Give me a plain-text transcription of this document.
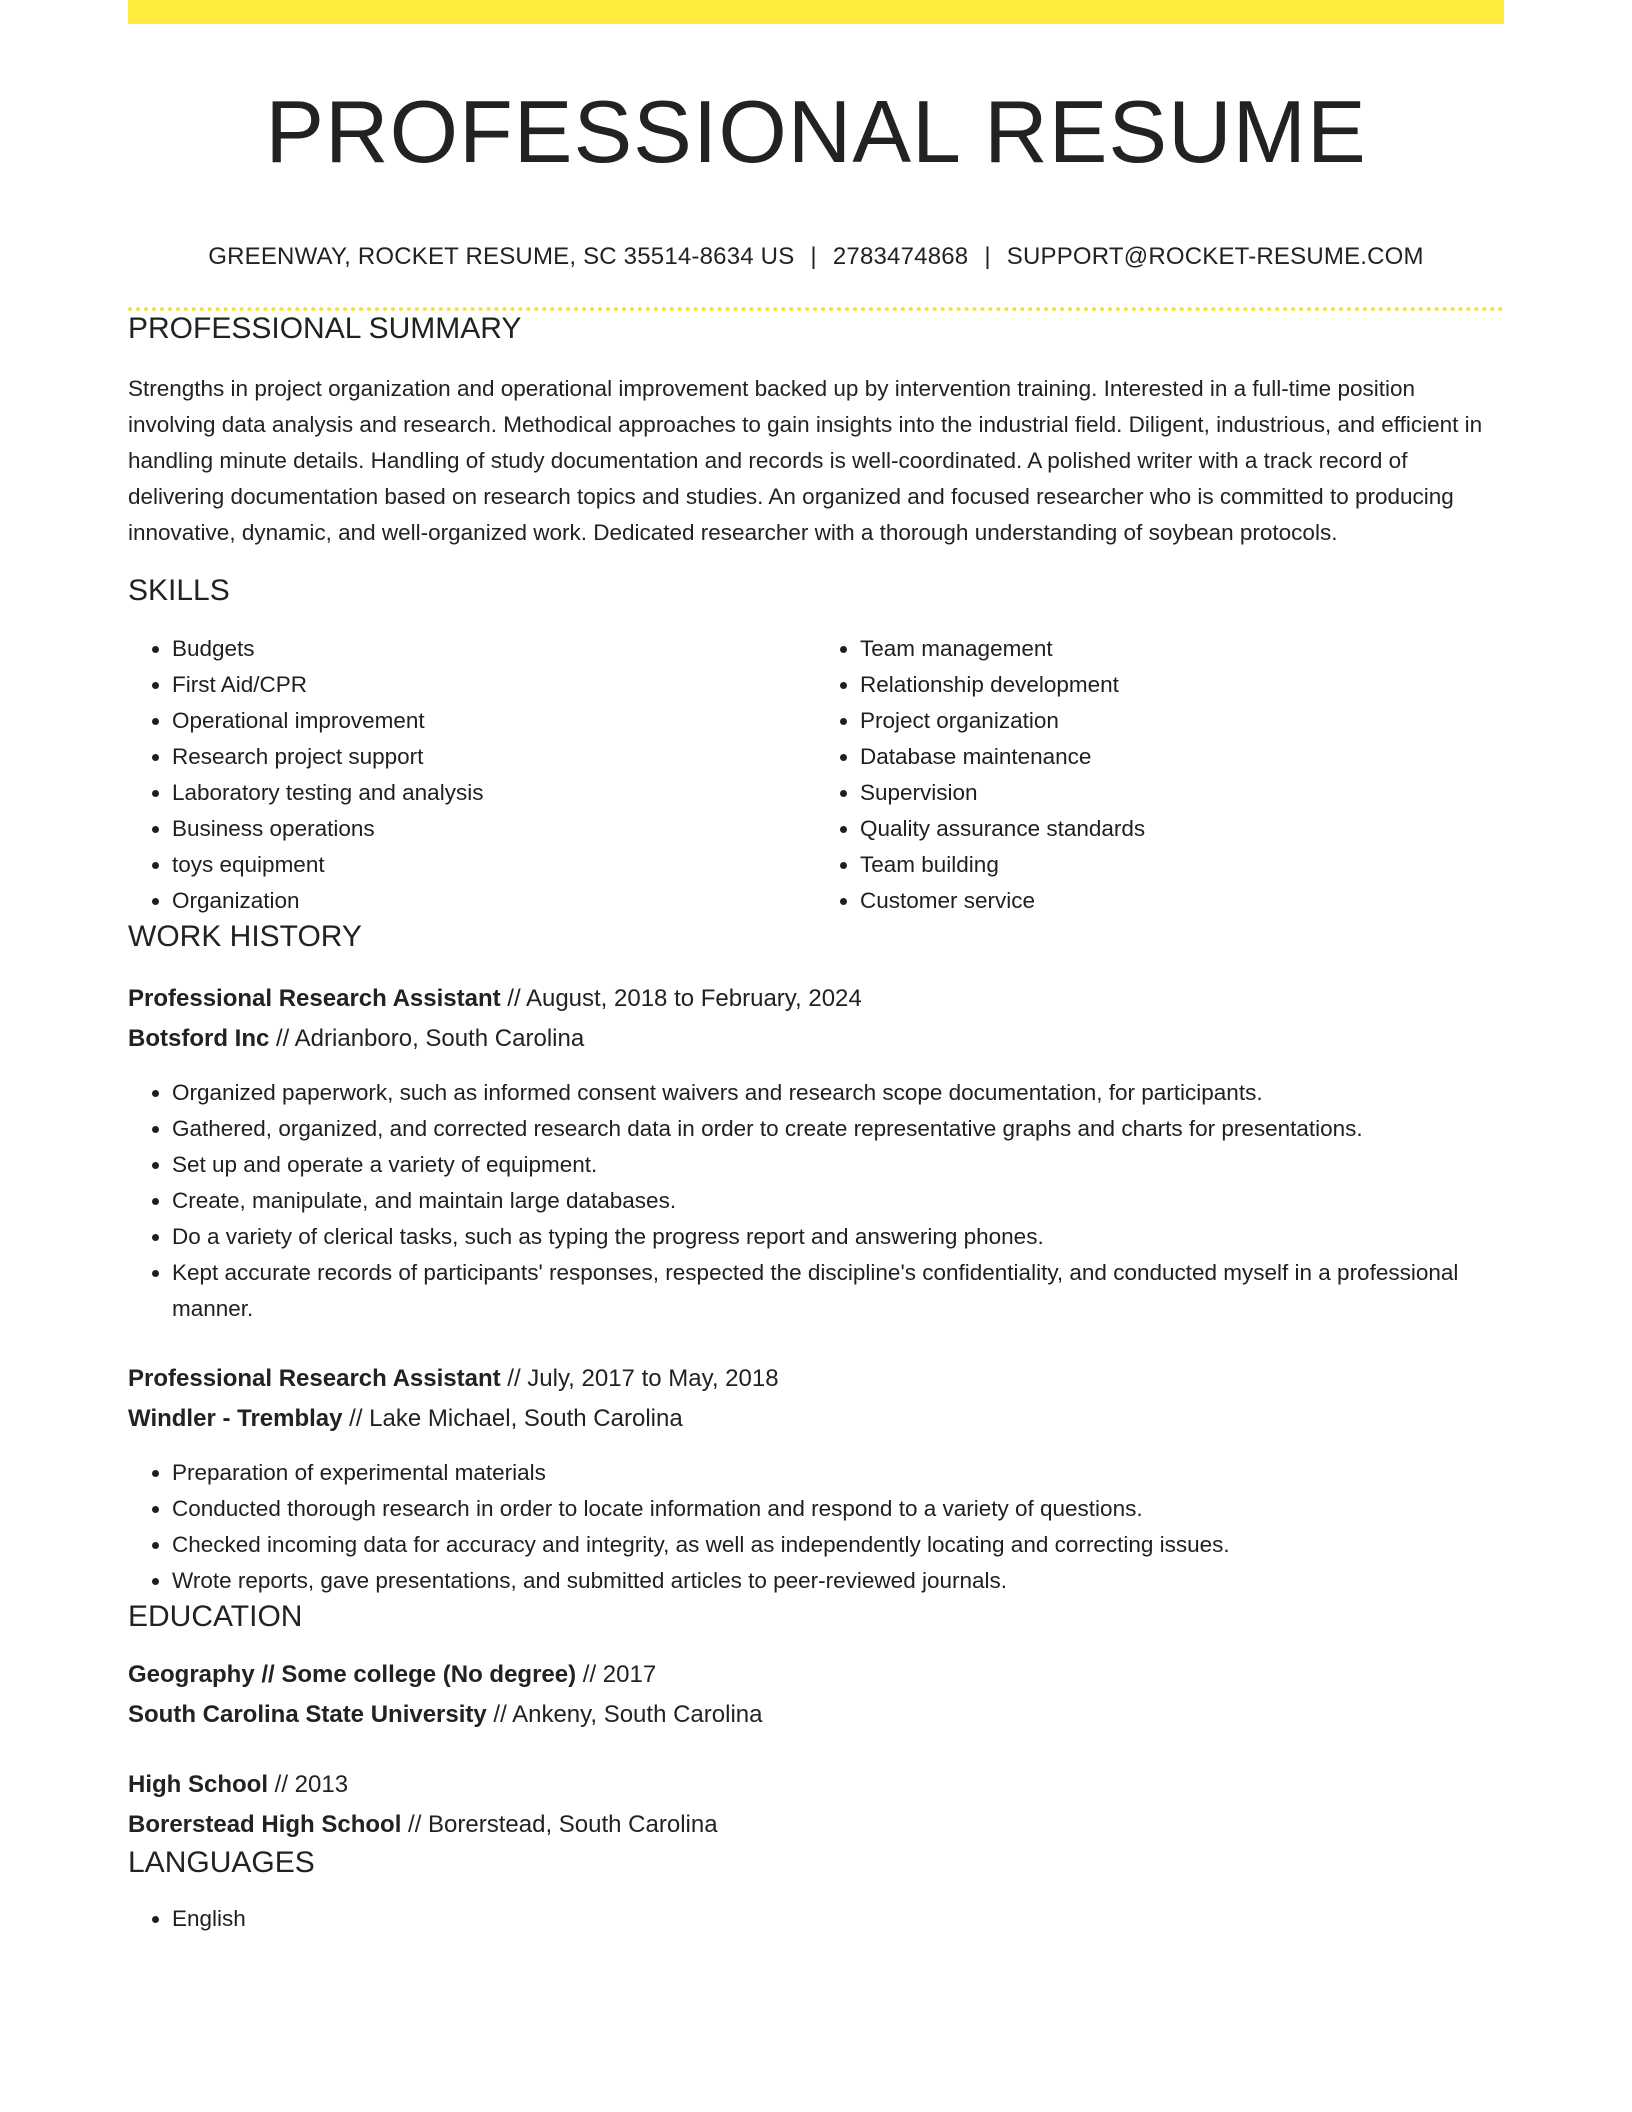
PROFESSIONAL RESUME
GREENWAY, ROCKET RESUME, SC 35514-8634 US | 2783474868 | SUPPORT@ROCKET-RESUME.COM
PROFESSIONAL SUMMARY

Strengths in project organization and operational improvement backed up by intervention training. Interested in a full-time position involving data analysis and research. Methodical approaches to gain insights into the industrial field. Diligent, industrious, and efficient in handling minute details. Handling of study documentation and records is well-coordinated. A polished writer with a track record of delivering documentation based on research topics and studies. An organized and focused researcher who is committed to producing innovative, dynamic, and well-organized work. Dedicated researcher with a thorough understanding of soybean protocols.

SKILLS
• Budgets
• First Aid/CPR
• Operational improvement
• Research project support
• Laboratory testing and analysis
• Business operations
• toys equipment
• Organization
• Team management
• Relationship development
• Project organization
• Database maintenance
• Supervision
• Quality assurance standards
• Team building
• Customer service
WORK HISTORY
Professional Research Assistant // August, 2018 to February, 2024
Botsford Inc // Adrianboro, South Carolina
• Organized paperwork, such as informed consent waivers and research scope documentation, for participants.
• Gathered, organized, and corrected research data in order to create representative graphs and charts for presentations.
• Set up and operate a variety of equipment.
• Create, manipulate, and maintain large databases.
• Do a variety of clerical tasks, such as typing the progress report and answering phones.
• Kept accurate records of participants' responses, respected the discipline's confidentiality, and conducted myself in a professional manner.
Professional Research Assistant // July, 2017 to May, 2018
Windler - Tremblay // Lake Michael, South Carolina
• Preparation of experimental materials
• Conducted thorough research in order to locate information and respond to a variety of questions.
• Checked incoming data for accuracy and integrity, as well as independently locating and correcting issues.
• Wrote reports, gave presentations, and submitted articles to peer-reviewed journals.
EDUCATION
Geography // Some college (No degree) // 2017
South Carolina State University // Ankeny, South Carolina
High School // 2013
Borerstead High School // Borerstead, South Carolina
LANGUAGES
• English
